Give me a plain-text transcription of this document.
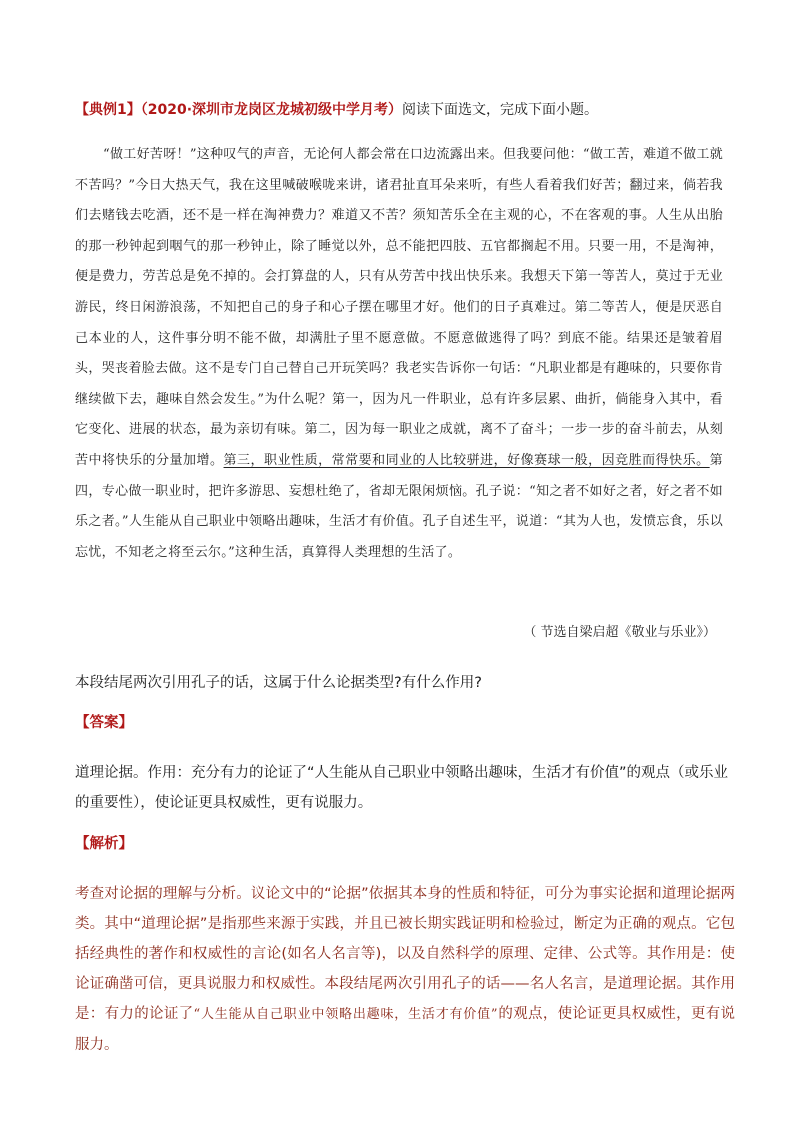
【典例1】（2020·深圳市龙岗区龙城初级中学月考）阅读下面选文，完成下面小题。
“做工好苦呀！”这种叹气的声音，无论何人都会常在口边流露出来。但我要问他：“做工苦，难道不做工就不苦吗？”今日大热天气，我在这里喊破喉咙来讲，诸君扯直耳朵来听，有些人看着我们好苦；翻过来，倘若我们去赌钱去吃酒，还不是一样在淘神费力？难道又不苦？须知苦乐全在主观的心，不在客观的事。人生从出胎的那一秒钟起到咽气的那一秒钟止，除了睡觉以外，总不能把四肢、五官都搁起不用。只要一用，不是淘神，便是费力，劳苦总是免不掉的。会打算盘的人，只有从劳苦中找出快乐来。我想天下第一等苦人，莫过于无业游民，终日闲游浪荡，不知把自己的身子和心子摆在哪里才好。他们的日子真难过。第二等苦人，便是厌恶自己本业的人，这件事分明不能不做，却满肚子里不愿意做。不愿意做逃得了吗？到底不能。结果还是皱着眉头，哭丧着脸去做。这不是专门自己替自己开玩笑吗？我老实告诉你一句话：“凡职业都是有趣味的，只要你肯继续做下去，趣味自然会发生。”为什么呢？第一，因为凡一件职业，总有许多层累、曲折，倘能身入其中，看它变化、进展的状态，最为亲切有味。第二，因为每一职业之成就，离不了奋斗；一步一步的奋斗前去，从刻苦中将快乐的分量加增。第三，职业性质，常常要和同业的人比较骈进，好像赛球一般，因竞胜而得快乐。第四，专心做一职业时，把许多游思、妄想杜绝了，省却无限闲烦恼。孔子说：“知之者不如好之者，好之者不如乐之者。”人生能从自己职业中领略出趣味，生活才有价值。孔子自述生平，说道：“其为人也，发愤忘食，乐以忘忧，不知老之将至云尔。”这种生活，真算得人类理想的生活了。
（ 节选自梁启超《敬业与乐业》）
本段结尾两次引用孔子的话，这属于什么论据类型?有什么作用?
【答案】
道理论据。作用：充分有力的论证了“人生能从自己职业中领略出趣味，生活才有价值”的观点（或乐业的重要性），使论证更具权威性，更有说服力。
【解析】
考查对论据的理解与分析。议论文中的“论据”依据其本身的性质和特征，可分为事实论据和道理论据两类。其中“道理论据”是指那些来源于实践，并且已被长期实践证明和检验过，断定为正确的观点。它包括经典性的著作和权威性的言论(如名人名言等)，以及自然科学的原理、定律、公式等。其作用是：使论证确凿可信，更具说服力和权威性。本段结尾两次引用孔子的话——名人名言，是道理论据。其作用是：有力的论证了“人生能从自己职业中领略出趣味，生活才有价值”的观点，使论证更具权威性，更有说服力。
